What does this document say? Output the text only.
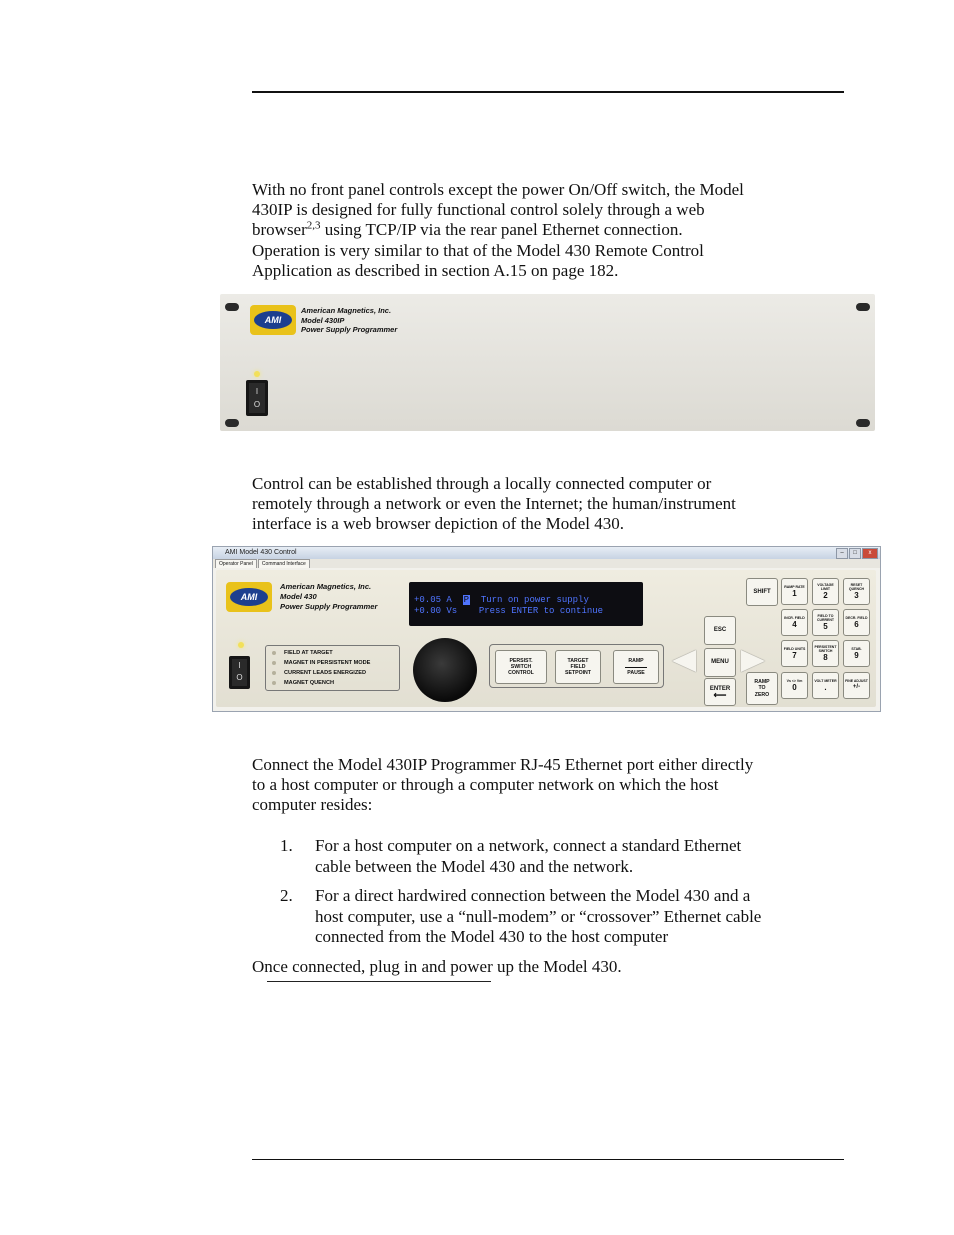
With no front panel controls except the power On/Off switch, the Model

430IP is designed for fully functional control solely through a web

browser$^{2,3}$ using TCP/IP via the rear panel Ethernet connection.

Operation is very similar to that of the Model 430 Remote Control

Application as described in section A.15 on page 182.

AMI
American Magnetics, Inc.
Model 430IP
Power Supply Programmer
I
O

Control can be established through a locally connected computer or

remotely through a network or even the Internet; the human/instrument

interface is a web browser depiction of the Model 430.

AMI Model 430 Control	–	□	x
Operator Panel	Command Interface
AMI
American Magnetics, Inc.
Model 430
Power Supply Programmer
+0.05 A P Turn on power supply
+0.00 Vs Press ENTER to continue
I
O
FIELD AT TARGET
MAGNET IN PERSISTENT MODE
CURRENT LEADS ENERGIZED
MAGNET QUENCH
PERSIST.
SWITCH
CONTROL
TARGET
FIELD
SETPOINT
RAMP
PAUSE
ESC
MENU
ENTER
⟵
SHIFT
RAMP
TO
ZERO
RAMP RATE
1
VOLTAGE LIMIT
2
RESET QUENCH
3
INCR. FIELD
4
FIELD TO CURRENT
5
DECR. FIELD
6
FIELD UNITS
7
PERSISTENT SWITCH
8
STAB.
9
Vs <> Vm
0
VOLT METER
.
FINE ADJUST
+/-

Connect the Model 430IP Programmer RJ-45 Ethernet port either directly

to a host computer or through a computer network on which the host

computer resides:

1. For a host computer on a network, connect a standard Ethernet
cable between the Model 430 and the network.
2. For a direct hardwired connection between the Model 430 and a
host computer, use a “null-modem” or “crossover” Ethernet cable
connected from the Model 430 to the host computer

Once connected, plug in and power up the Model 430.
